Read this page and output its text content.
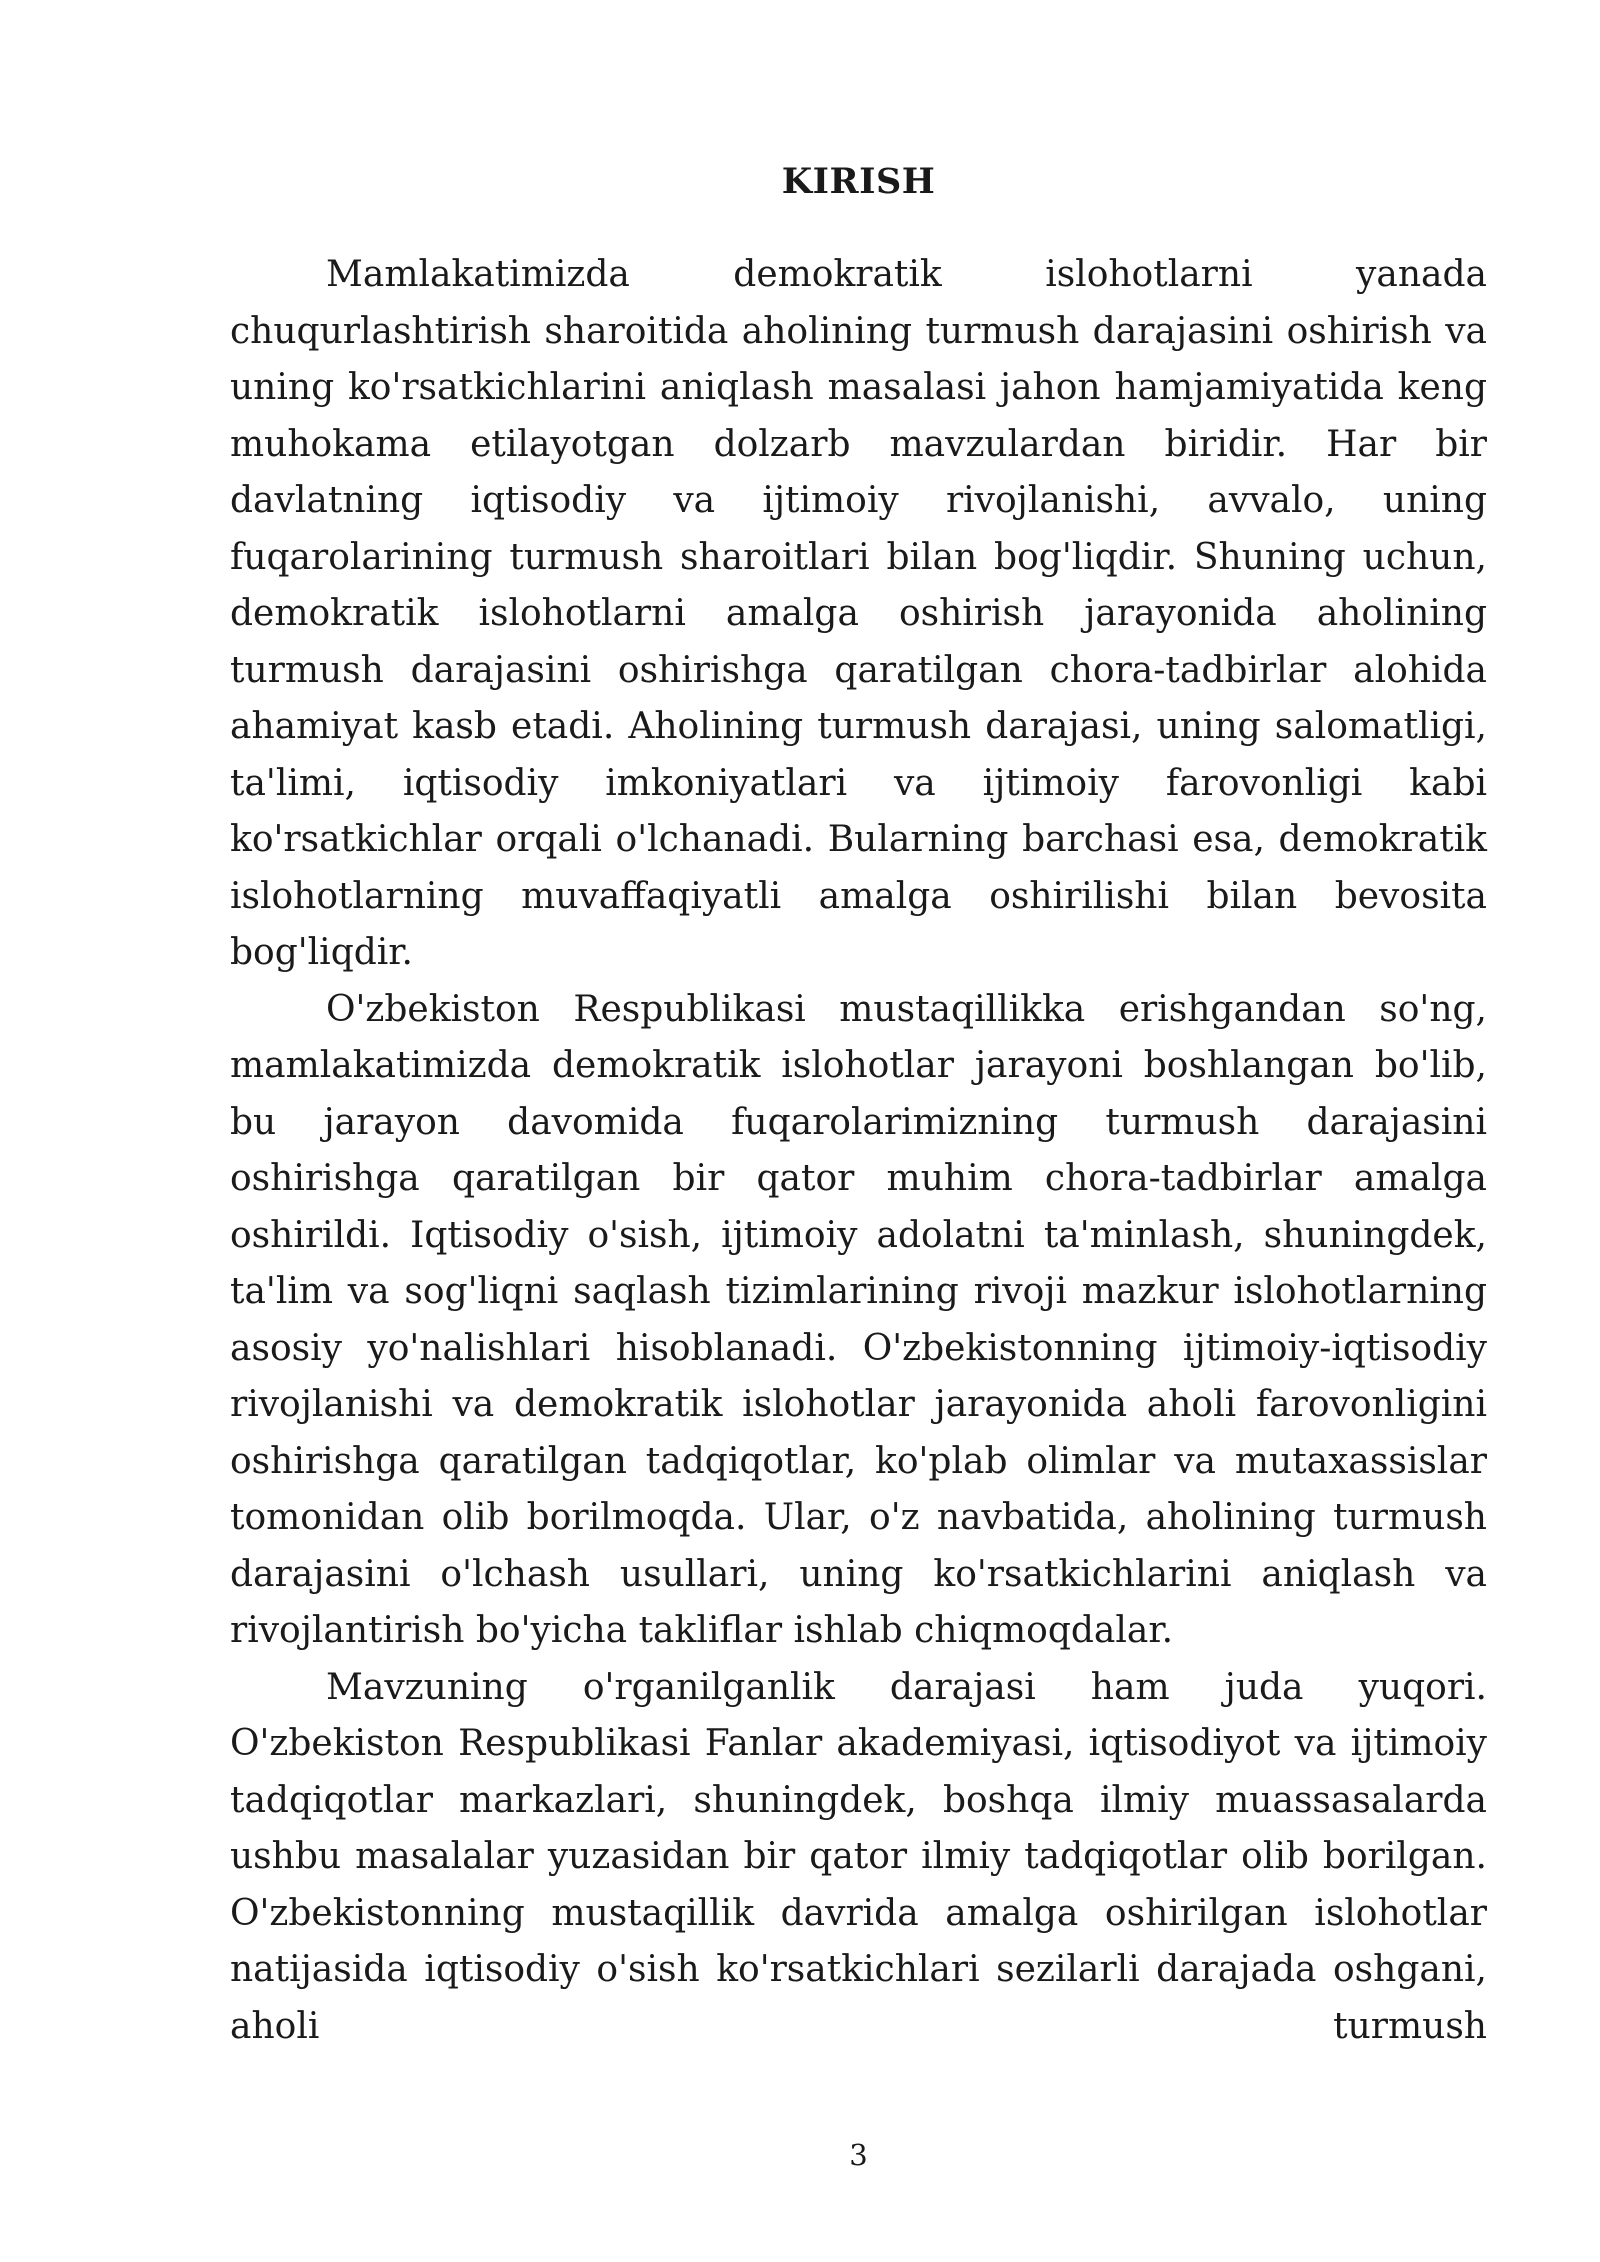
KIRISH

Mamlakatimizda demokratik islohotlarni yanada chuqurlashtirish sharoitida aholining turmush darajasini oshirish va uning ko'rsatkichlarini aniqlash masalasi jahon hamjamiyatida keng muhokama etilayotgan dolzarb mavzulardan biridir. Har bir davlatning iqtisodiy va ijtimoiy rivojlanishi, avvalo, uning fuqarolarining turmush sharoitlari bilan bog'liqdir. Shuning uchun, demokratik islohotlarni amalga oshirish jarayonida aholining turmush darajasini oshirishga qaratilgan chora-tadbirlar alohida ahamiyat kasb etadi. Aholining turmush darajasi, uning salomatligi, ta'limi, iqtisodiy imkoniyatlari va ijtimoiy farovonligi kabi ko'rsatkichlar orqali o'lchanadi. Bularning barchasi esa, demokratik islohotlarning muvaffaqiyatli amalga oshirilishi bilan bevosita bog'liqdir.

O'zbekiston Respublikasi mustaqillikka erishgandan so'ng, mamlakatimizda demokratik islohotlar jarayoni boshlangan bo'lib, bu jarayon davomida fuqarolarimizning turmush darajasini oshirishga qaratilgan bir qator muhim chora-tadbirlar amalga oshirildi. Iqtisodiy o'sish, ijtimoiy adolatni ta'minlash, shuningdek, ta'lim va sog'liqni saqlash tizimlarining rivoji mazkur islohotlarning asosiy yo'nalishlari hisoblanadi. O'zbekistonning ijtimoiy-iqtisodiy rivojlanishi va demokratik islohotlar jarayonida aholi farovonligini oshirishga qaratilgan tadqiqotlar, ko'plab olimlar va mutaxassislar tomonidan olib borilmoqda. Ular, o'z navbatida, aholining turmush darajasini o'lchash usullari, uning ko'rsatkichlarini aniqlash va rivojlantirish bo'yicha takliflar ishlab chiqmoqdalar.

Mavzuning o'rganilganlik darajasi ham juda yuqori. O'zbekiston Respublikasi Fanlar akademiyasi, iqtisodiyot va ijtimoiy tadqiqotlar markazlari, shuningdek, boshqa ilmiy muassasalarda ushbu masalalar yuzasidan bir qator ilmiy tadqiqotlar olib borilgan. O'zbekistonning mustaqillik davrida amalga oshirilgan islohotlar natijasida iqtisodiy o'sish ko'rsatkichlari sezilarli darajada oshgani, aholi turmush

3
